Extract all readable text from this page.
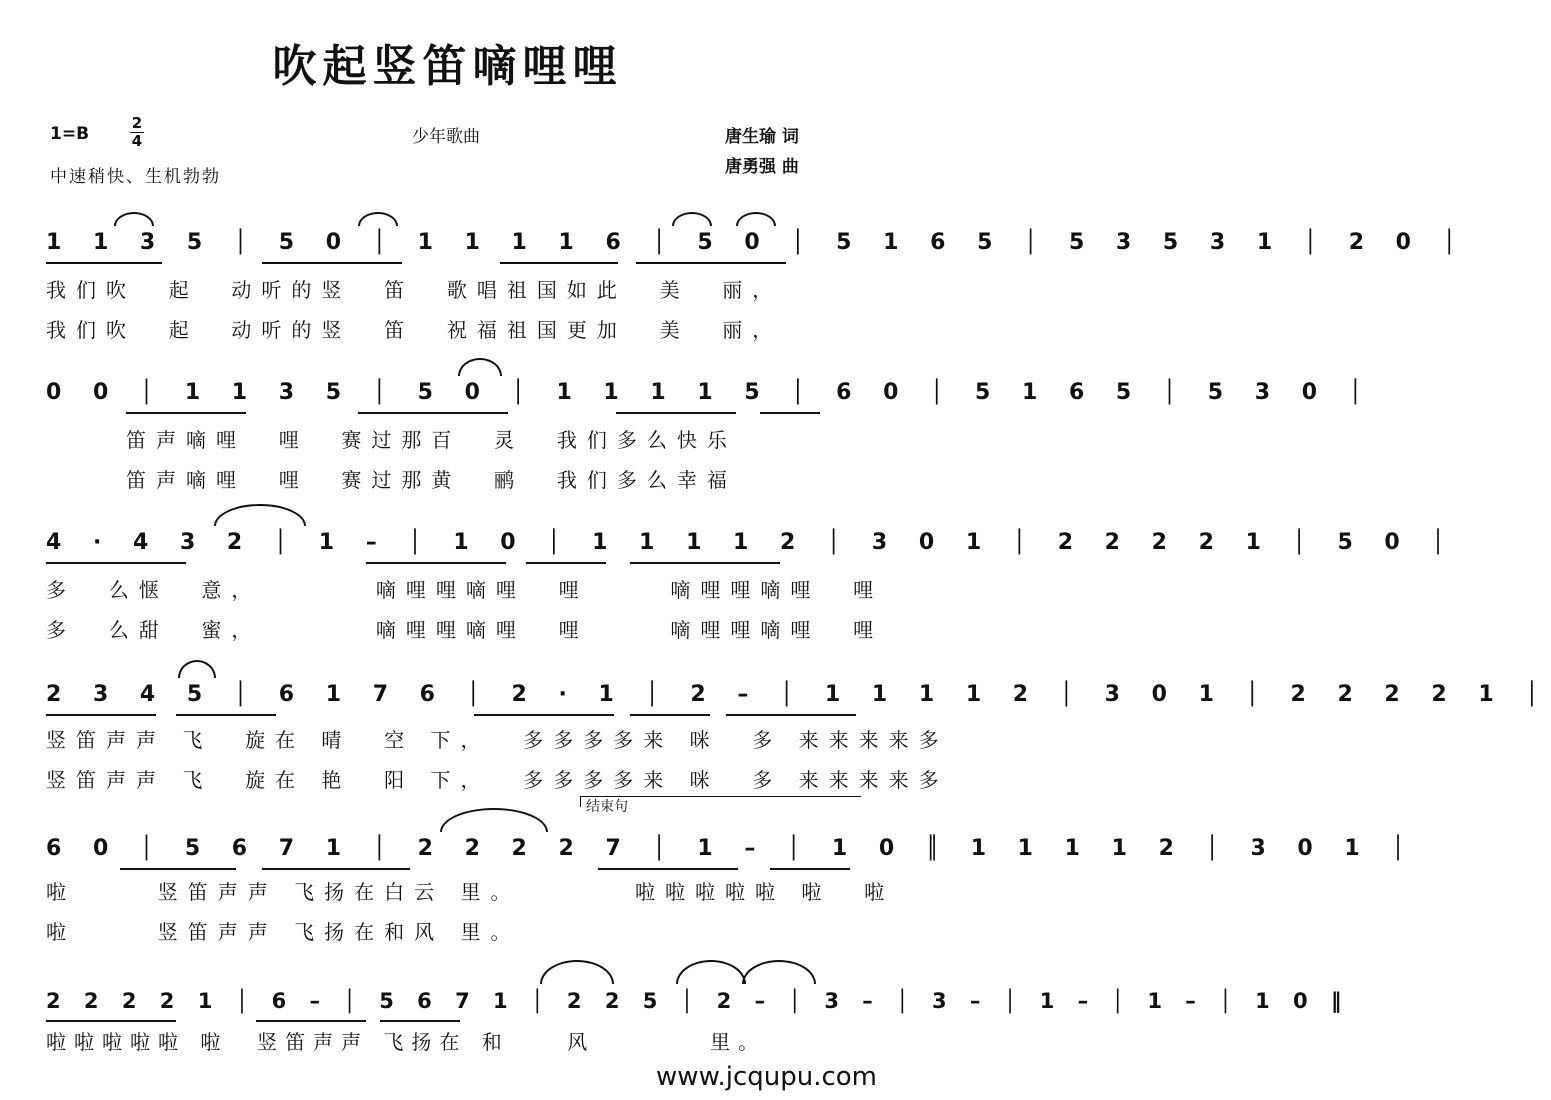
吹起竖笛嘀哩哩
1=B
2
4	少年歌曲	唐生瑜 词
唐勇强 曲
中速稍快、生机勃勃
1 1 3 5 │ 5 0 │ 1 1 1 1 6 │ 5 0 │ 5 1 6 5 │ 5 3 5 3 1 │ 2 0 │
我们吹  起  动听的竖  笛  歌唱祖国如此  美  丽，
我们吹  起  动听的竖  笛  祝福祖国更加  美  丽，
0 0 │ 1 1 3 5 │ 5 0 │ 1 1 1 1 5 │ 6 0 │ 5 1 6 5 │ 5 3 0 │
笛声嘀哩  哩  赛过那百  灵  我们多么快乐
笛声嘀哩  哩  赛过那黄  鹂  我们多么幸福
4 · 4 3 2 │ 1 – │ 1 0 │ 1 1 1 1 2 │ 3 0 1 │ 2 2 2 2 1 │ 5 0 │
多  么惬  意，       嘀哩哩嘀哩  哩     嘀哩哩嘀哩  哩
多  么甜  蜜，       嘀哩哩嘀哩  哩     嘀哩哩嘀哩  哩
2 3 4 5 │ 6 1 7 6 │ 2 · 1 │ 2 – │ 1 1 1 1 2 │ 3 0 1 │ 2 2 2 2 1 │
竖笛声声 飞  旋在 晴  空 下，  多多多多来 咪  多 来来来来多
竖笛声声 飞  旋在 艳  阳 下，  多多多多来 咪  多 来来来来多
结束句
6 0 │ 5 6 7 1 │ 2 2 2 2 7 │ 1 – │ 1 0 ║ 1 1 1 1 2 │ 3 0 1 │
啦     竖笛声声 飞扬在白云 里。       啦啦啦啦啦 啦  啦
啦     竖笛声声 飞扬在和风 里。
2 2 2 2 1 │ 6 – │ 5 6 7 1 │ 2 2 5 │ 2 – │ 3 – │ 3 – │ 1 – │ 1 – │ 1 0 ‖
啦啦啦啦啦 啦  竖笛声声 飞扬在 和    风        里。
www.jcqupu.com
